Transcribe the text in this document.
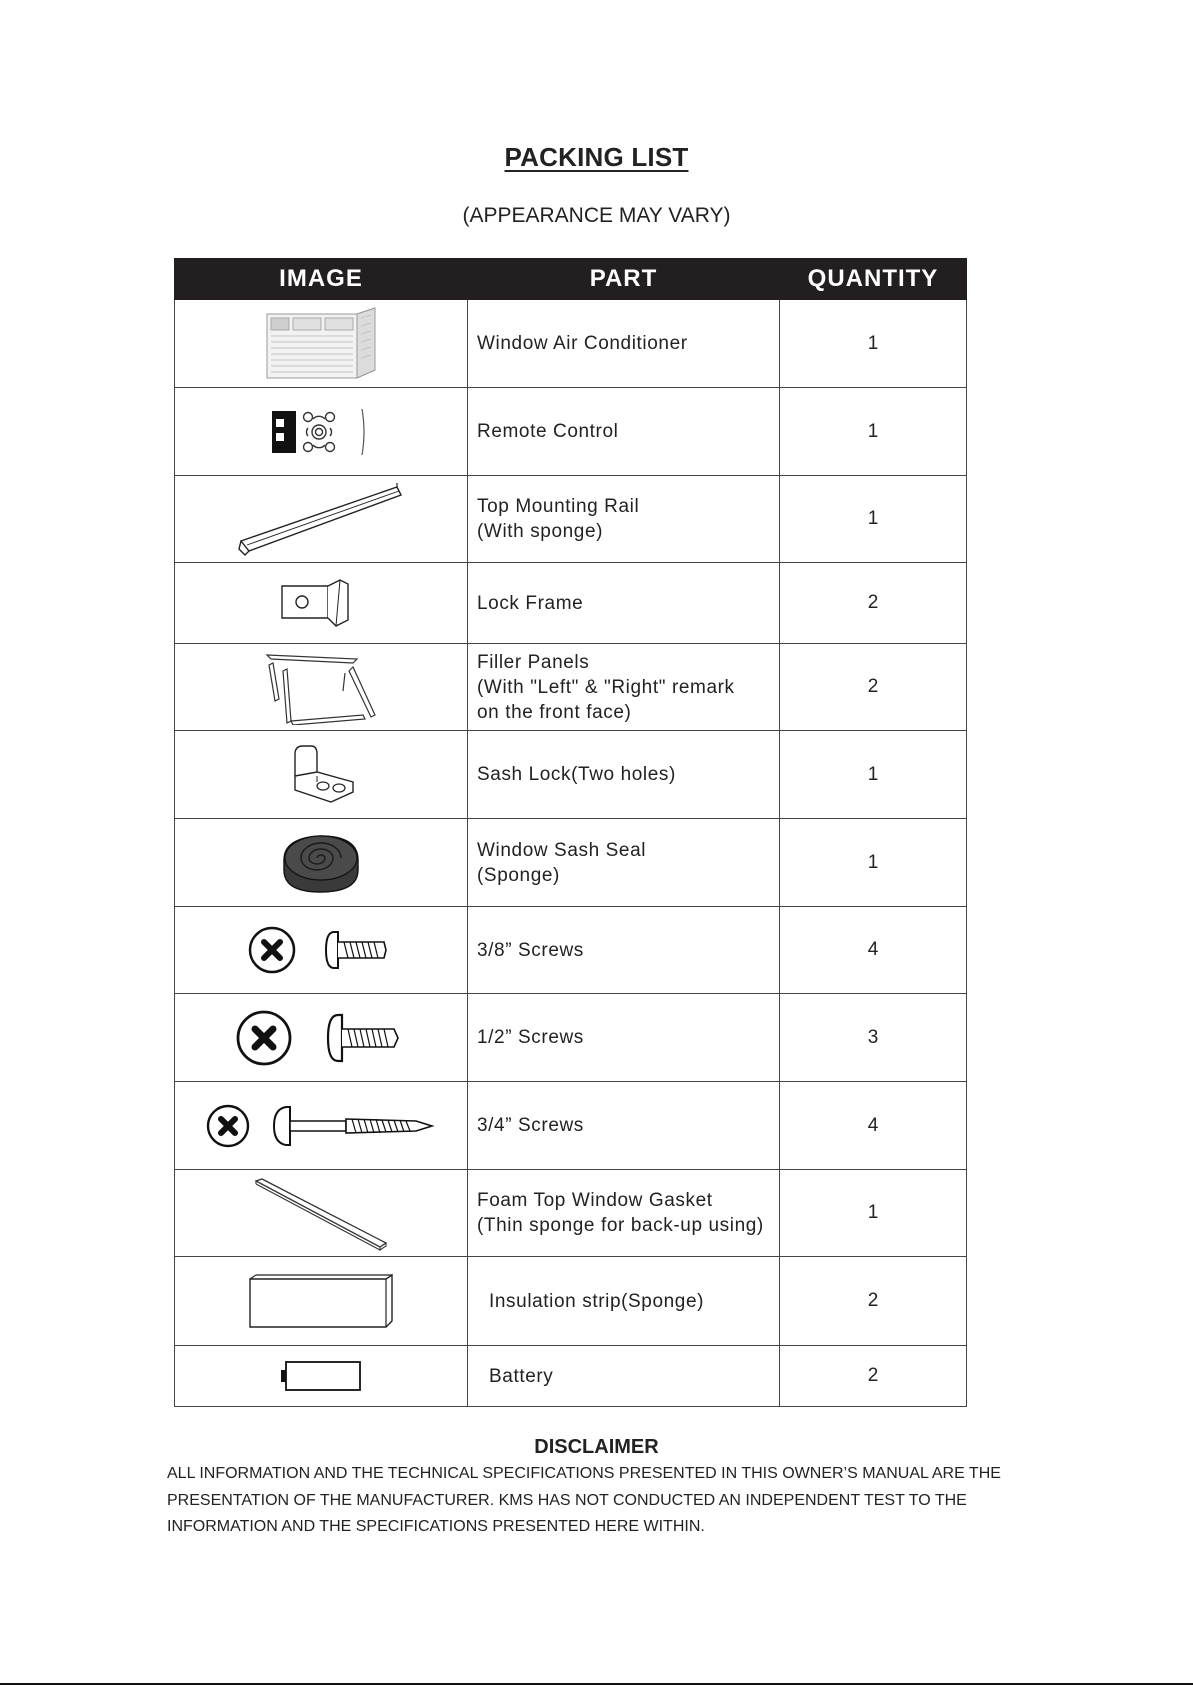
PACKING LIST
(APPEARANCE MAY VARY)
IMAGE	PART	QUANTITY

Window Air Conditioner	1

Remote Control	1

Top Mounting Rail
(With sponge)	1

Lock Frame	2

Filler Panels
(With "Left" & "Right" remark
on the front face)	2

Sash Lock(Two holes)	1

Window Sash Seal
(Sponge)	1

3/8” Screws	4

1/2” Screws	3

3/4” Screws	4

Foam Top Window Gasket
(Thin sponge for back-up using)	1

Insulation strip(Sponge)	2

Battery	2
DISCLAIMER
ALL INFORMATION AND THE TECHNICAL SPECIFICATIONS PRESENTED IN THIS OWNER’S MANUAL ARE THE
PRESENTATION OF THE MANUFACTURER. KMS HAS NOT CONDUCTED AN INDEPENDENT TEST TO THE
INFORMATION AND THE SPECIFICATIONS PRESENTED HERE WITHIN.
